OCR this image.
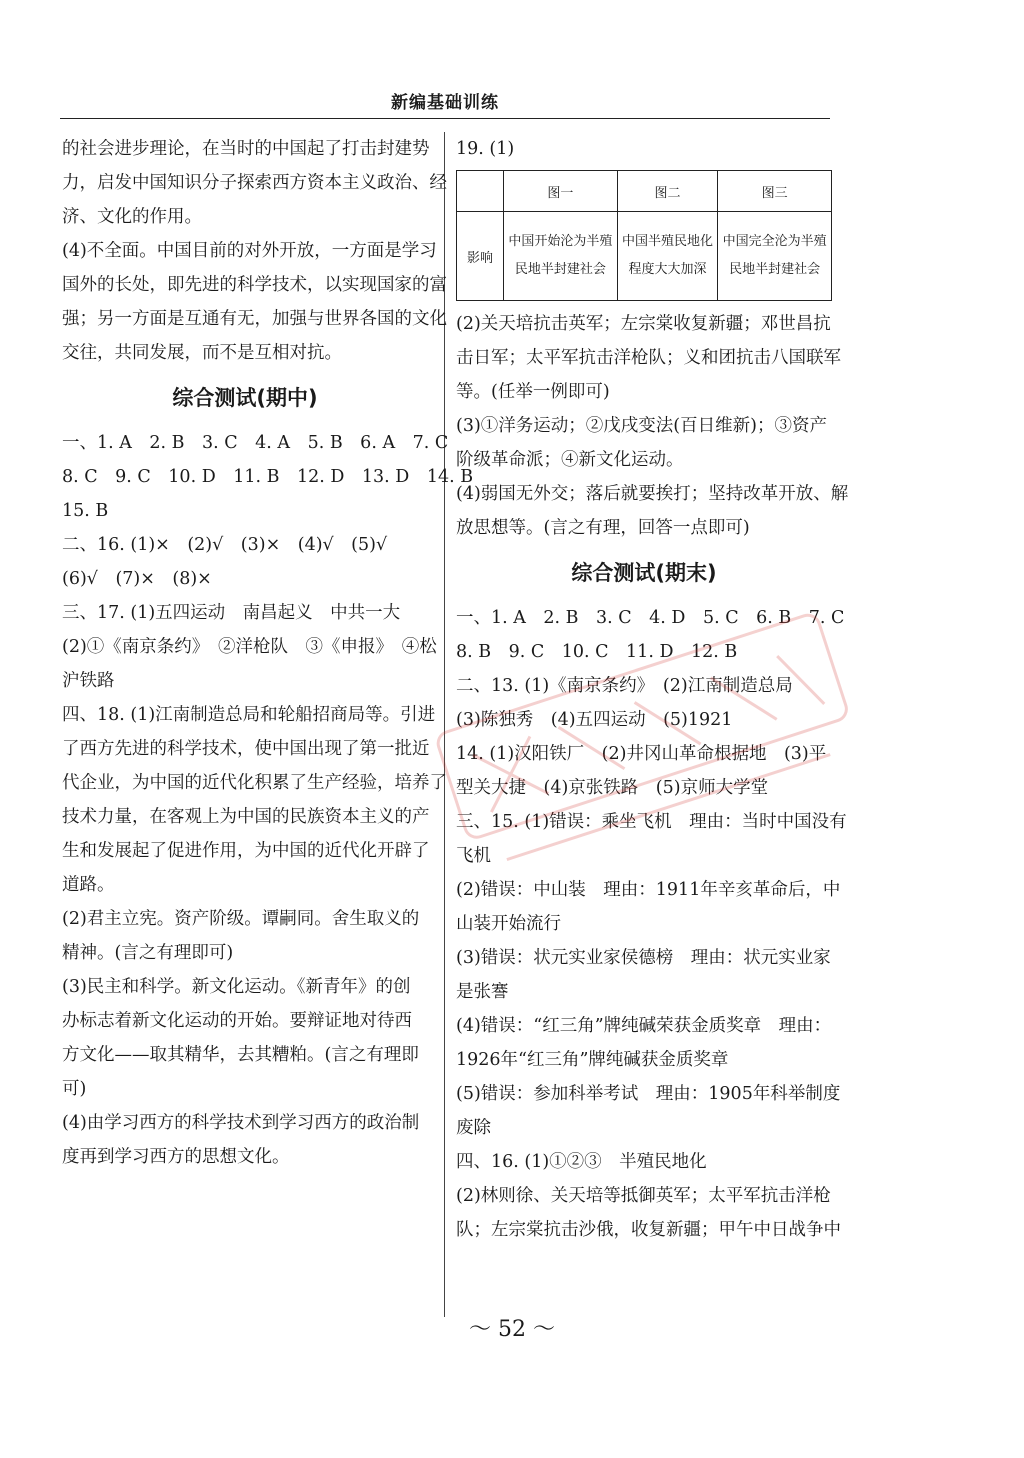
新编基础训练
的社会进步理论，在当时的中国起了打击封建势
力，启发中国知识分子探索西方资本主义政治、经
济、文化的作用。
(4)不全面。中国目前的对外开放，一方面是学习
国外的长处，即先进的科学技术，以实现国家的富
强；另一方面是互通有无，加强与世界各国的文化
交往，共同发展，而不是互相对抗。
综合测试(期中)
一、1. A　2. B　3. C　4. A　5. B　6. A　7. C
8. C　9. C　10. D　11. B　12. D　13. D　14. B
15. B
二、16. (1)×　(2)√　(3)×　(4)√　(5)√
(6)√　(7)×　(8)×
三、17. (1)五四运动　南昌起义　中共一大
(2)①《南京条约》　②洋枪队　③《申报》　④松
沪铁路
四、18. (1)江南制造总局和轮船招商局等。引进
了西方先进的科学技术，使中国出现了第一批近
代企业，为中国的近代化积累了生产经验，培养了
技术力量，在客观上为中国的民族资本主义的产
生和发展起了促进作用，为中国的近代化开辟了
道路。
(2)君主立宪。资产阶级。谭嗣同。舍生取义的
精神。(言之有理即可)
(3)民主和科学。新文化运动。《新青年》的创
办标志着新文化运动的开始。要辩证地对待西
方文化——取其精华，去其糟粕。(言之有理即
可)
(4)由学习西方的科学技术到学习西方的政治制
度再到学习西方的思想文化。
19. (1)
	图一	图二	图三
影响	中国开始沦为半殖民地半封建社会	中国半殖民地化程度大大加深	中国完全沦为半殖民地半封建社会
(2)关天培抗击英军；左宗棠收复新疆；邓世昌抗
击日军；太平军抗击洋枪队；义和团抗击八国联军
等。(任举一例即可)
(3)①洋务运动；②戊戌变法(百日维新)；③资产
阶级革命派；④新文化运动。
(4)弱国无外交；落后就要挨打；坚持改革开放、解
放思想等。(言之有理，回答一点即可)
综合测试(期末)
一、1. A　2. B　3. C　4. D　5. C　6. B　7. C
8. B　9. C　10. C　11. D　12. B
二、13. (1)《南京条约》　(2)江南制造总局
(3)陈独秀　(4)五四运动　(5)1921
14. (1)汉阳铁厂　(2)井冈山革命根据地　(3)平
型关大捷　(4)京张铁路　(5)京师大学堂
三、15. (1)错误：乘坐飞机　理由：当时中国没有
飞机
(2)错误：中山装　理由：1911年辛亥革命后，中
山装开始流行
(3)错误：状元实业家侯德榜　理由：状元实业家
是张謇
(4)错误：“红三角”牌纯碱荣获金质奖章　理由：
1926年“红三角”牌纯碱获金质奖章
(5)错误：参加科举考试　理由：1905年科举制度
废除
四、16. (1)①②③　半殖民地化
(2)林则徐、关天培等抵御英军；太平军抗击洋枪
队；左宗棠抗击沙俄，收复新疆；甲午中日战争中
～ 52 ～
